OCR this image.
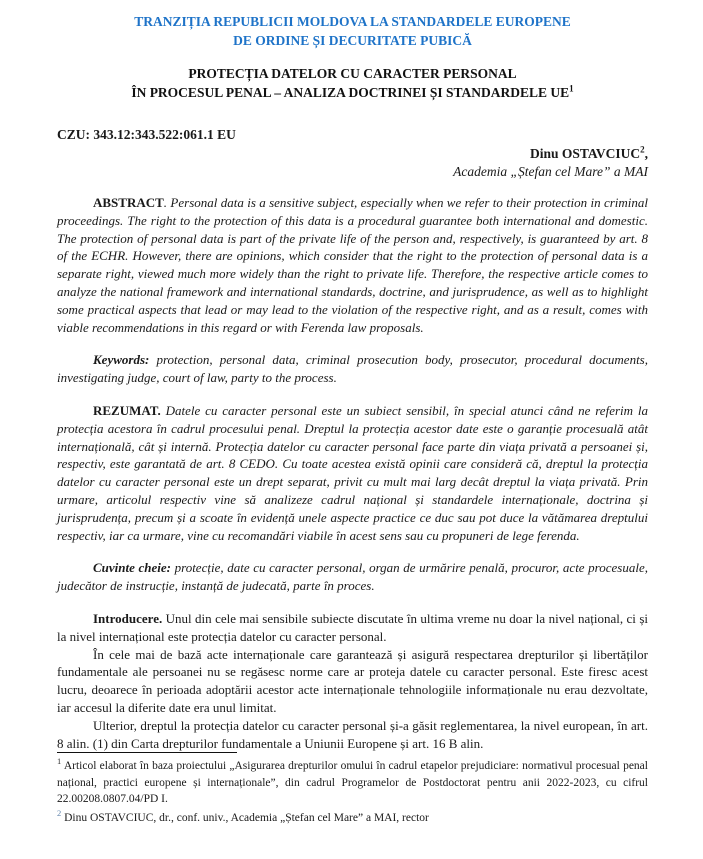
TRANZIȚIA REPUBLICII MOLDOVA LA STANDARDELE EUROPENE
DE ORDINE ȘI DECURITATE PUBICĂ
PROTECȚIA DATELOR CU CARACTER PERSONAL
ÎN PROCESUL PENAL – ANALIZA DOCTRINEI ȘI STANDARDELE UE$^1$
CZU: 343.12:343.522:061.1 EU
Dinu OSTAVCIUC$^2$,
Academia „Ștefan cel Mare” a MAI

ABSTRACT. Personal data is a sensitive subject, especially when we refer to their protection in criminal proceedings. The right to the protection of this data is a procedural guarantee both international and domestic. The protection of personal data is part of the private life of the person and, respectively, is guaranteed by art. 8 of the ECHR. However, there are opinions, which consider that the right to the protection of personal data is a separate right, viewed much more widely than the right to private life. Therefore, the respective article comes to analyze the national framework and international standards, doctrine, and jurisprudence, as well as to highlight some practical aspects that lead or may lead to the violation of the respective right, and as a result, comes with viable recommendations in this regard or with Ferenda law proposals.

Keywords: protection, personal data, criminal prosecution body, prosecutor, procedural documents, investigating judge, court of law, party to the process.

REZUMAT. Datele cu caracter personal este un subiect sensibil, în special atunci când ne referim la protecția acestora în cadrul procesului penal. Dreptul la protecția acestor date este o garanție procesuală atât internațională, cât și internă. Protecția datelor cu caracter personal face parte din viața privată a persoanei și, respectiv, este garantată de art. 8 CEDO. Cu toate acestea există opinii care consideră că, dreptul la protecția datelor cu caracter personal este un drept separat, privit cu mult mai larg decât dreptul la viața privată. Prin urmare, articolul respectiv vine să analizeze cadrul național și standardele internaționale, doctrina și jurisprudența, precum și a scoate în evidență unele aspecte practice ce duc sau pot duce la vătămarea dreptului respectiv, iar ca urmare, vine cu recomandări viabile în acest sens sau cu propuneri de lege ferenda.

Cuvinte cheie: protecție, date cu caracter personal, organ de urmărire penală, procuror, acte procesuale, judecător de instrucție, instanță de judecată, parte în proces.

Introducere. Unul din cele mai sensibile subiecte discutate în ultima vreme nu doar la nivel național, ci și la nivel internațional este protecția datelor cu caracter personal.

În cele mai de bază acte internaționale care garantează și asigură respectarea drepturilor și libertăților fundamentale ale persoanei nu se regăsesc norme care ar proteja datele cu caracter personal. Este firesc acest lucru, deoarece în perioada adoptării acestor acte internaționale tehnologiile informaționale nu erau dezvoltate, iar accesul la diferite date era unul limitat.

Ulterior, dreptul la protecția datelor cu caracter personal și-a găsit reglementarea, la nivel european, în art. 8 alin. (1) din Carta drepturilor fundamentale a Uniunii Europene și art. 16 B alin.

$^1$ Articol elaborat în baza proiectului „Asigurarea drepturilor omului în cadrul etapelor prejudiciare: normativul procesual penal național, practici europene și internaționale”, din cadrul Programelor de Postdoctorat pentru anii 2022-2023, cu cifrul 22.00208.0807.04/PD I.

$^2$ Dinu OSTAVCIUC, dr., conf. univ., Academia „Ștefan cel Mare” a MAI, rector
